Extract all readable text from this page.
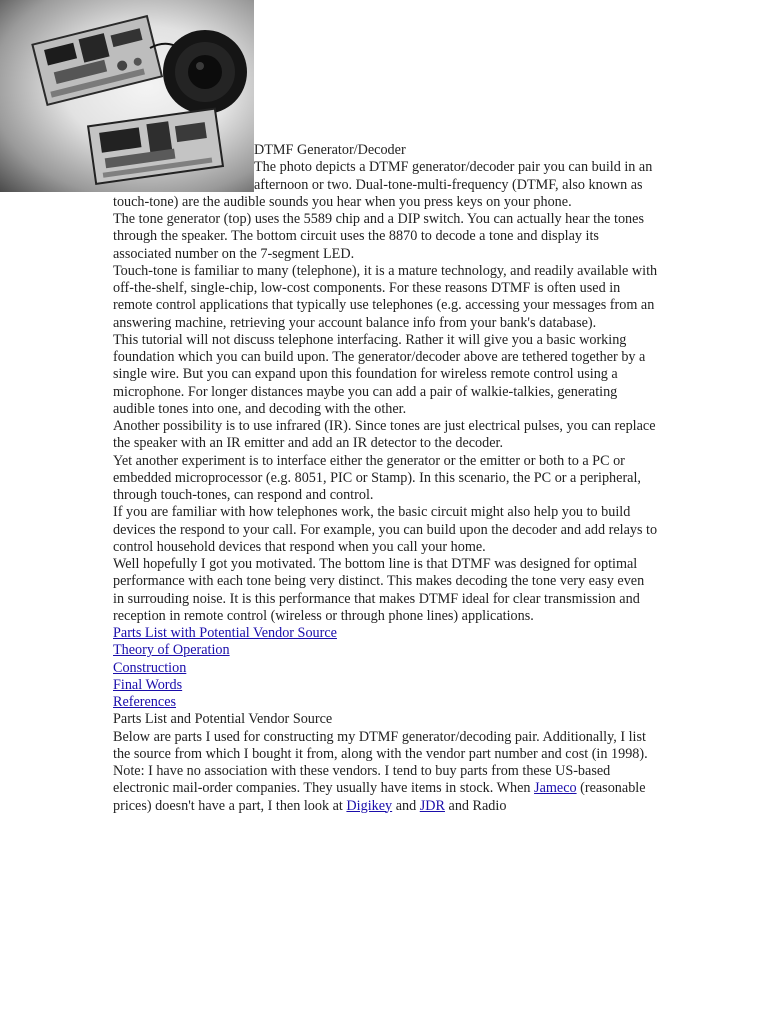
DTMF Generator/Decoder

The photo depicts a DTMF generator/decoder pair you can build in an afternoon or two. Dual-tone-multi-frequency (DTMF, also known as touch-tone) are the audible sounds you hear when you press keys on your phone.

The tone generator (top) uses the 5589 chip and a DIP switch. You can actually hear the tones through the speaker. The bottom circuit uses the 8870 to decode a tone and display its associated number on the 7-segment LED.

Touch-tone is familiar to many (telephone), it is a mature technology, and readily available with off-the-shelf, single-chip, low-cost components. For these reasons DTMF is often used in remote control applications that typically use telephones (e.g. accessing your messages from an answering machine, retrieving your account balance info from your bank's database).

This tutorial will not discuss telephone interfacing. Rather it will give you a basic working foundation which you can build upon. The generator/decoder above are tethered together by a single wire. But you can expand upon this foundation for wireless remote control using a microphone. For longer distances maybe you can add a pair of walkie-talkies, generating audible tones into one, and decoding with the other.

Another possibility is to use infrared (IR). Since tones are just electrical pulses, you can replace the speaker with an IR emitter and add an IR detector to the decoder.

Yet another experiment is to interface either the generator or the emitter or both to a PC or embedded microprocessor (e.g. 8051, PIC or Stamp). In this scenario, the PC or a peripheral, through touch-tones, can respond and control.

If you are familiar with how telephones work, the basic circuit might also help you to build devices the respond to your call. For example, you can build upon the decoder and add relays to control household devices that respond when you call your home.

Well hopefully I got you motivated. The bottom line is that DTMF was designed for optimal performance with each tone being very distinct. This makes decoding the tone very easy even in surrouding noise. It is this performance that makes DTMF ideal for clear transmission and reception in remote control (wireless or through phone lines) applications.

Parts List with Potential Vendor Source
Theory of Operation
Construction
Final Words
References

Parts List and Potential Vendor Source

Below are parts I used for constructing my DTMF generator/decoding pair. Additionally, I list the source from which I bought it from, along with the vendor part number and cost (in 1998). Note: I have no association with these vendors. I tend to buy parts from these US-based electronic mail-order companies. They usually have items in stock. When Jameco (reasonable prices) doesn't have a part, I then look at Digikey and JDR and Radio
